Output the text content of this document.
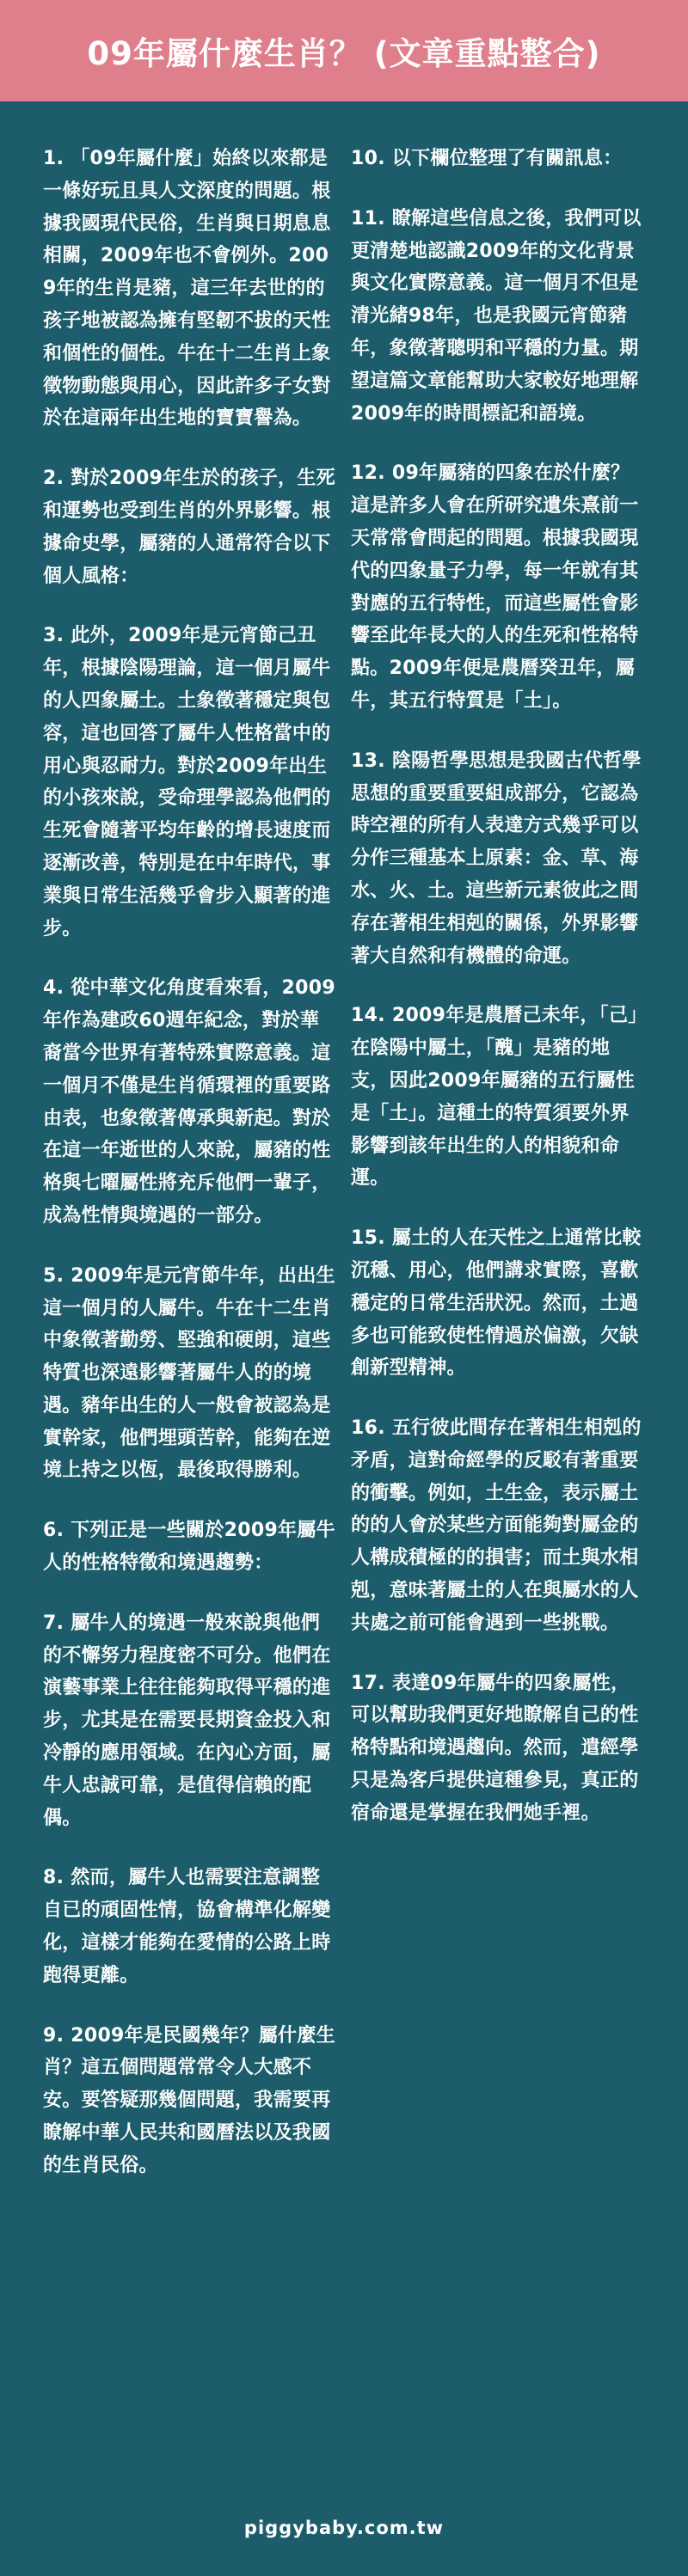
09年屬什麼生肖？ (文章重點整合)

1. 「09年屬什麼」始終以來都是一條好玩且具人文深度的問題。根據我國現代民俗，生肖與日期息息相關，2009年也不會例外。2009年的生肖是豬，這三年去世的的孩子地被認為擁有堅韌不拔的天性和個性的個性。牛在十二生肖上象徵物動態與用心，因此許多子女對於在這兩年出生地的寶寶譽為。

2. 對於2009年生於的孩子，生死和運勢也受到生肖的外界影響。根據命史學，屬豬的人通常符合以下個人風格：

3. 此外，2009年是元宵節己丑年，根據陰陽理論，這一個月屬牛的人四象屬土。土象徵著穩定與包容，這也回答了屬牛人性格當中的用心與忍耐力。對於2009年出生的小孩來說，受命理學認為他們的生死會隨著平均年齡的增長速度而逐漸改善，特別是在中年時代，事業與日常生活幾乎會步入顯著的進步。

4. 從中華文化角度看來看，2009年作為建政60週年紀念，對於華裔當今世界有著特殊實際意義。這一個月不僅是生肖循環裡的重要路由表，也象徵著傳承與新起。對於在這一年逝世的人來說，屬豬的性格與七曜屬性將充斥他們一輩子，成為性情與境遇的一部分。

5. 2009年是元宵節牛年，出出生這一個月的人屬牛。牛在十二生肖中象徵著勤勞、堅強和硬朗，這些特質也深遠影響著屬牛人的的境遇。豬年出生的人一般會被認為是實幹家，他們埋頭苦幹，能夠在逆境上持之以恆，最後取得勝利。

6. 下列正是一些關於2009年屬牛人的性格特徵和境遇趨勢：

7. 屬牛人的境遇一般來說與他們的不懈努力程度密不可分。他們在演藝事業上往往能夠取得平穩的進步，尤其是在需要長期資金投入和冷靜的應用領域。在內心方面，屬牛人忠誠可靠，是值得信賴的配偶。

8. 然而，屬牛人也需要注意調整自已的頑固性情，協會構準化解變化，這樣才能夠在愛情的公路上時跑得更離。

9. 2009年是民國幾年？屬什麼生肖？這五個問題常常令人大感不安。要答疑那幾個問題，我需要再瞭解中華人民共和國曆法以及我國的生肖民俗。

10. 以下欄位整理了有關訊息：

11. 瞭解這些信息之後，我們可以更清楚地認識2009年的文化背景與文化實際意義。這一個月不但是清光緒98年，也是我國元宵節豬年，象徵著聰明和平穩的力量。期望這篇文章能幫助大家較好地理解2009年的時間標記和語境。

12. 09年屬豬的四象在於什麼？這是許多人會在所研究遺朱熹前一天常常會問起的問題。根據我國現代的四象量子力學，每一年就有其對應的五行特性，而這些屬性會影響至此年長大的人的生死和性格特點。2009年便是農曆癸丑年，屬牛，其五行特質是「土」。

13. 陰陽哲學思想是我國古代哲學思想的重要重要組成部分，它認為時空裡的所有人表達方式幾乎可以分作三種基本上原素：金、草、海水、火、土。這些新元素彼此之間存在著相生相剋的關係，外界影響著大自然和有機體的命運。

14. 2009年是農曆己未年，「己」在陰陽中屬土，「醜」是豬的地支，因此2009年屬豬的五行屬性是「土」。這種土的特質須要外界影響到該年出生的人的相貌和命運。

15. 屬土的人在天性之上通常比較沉穩、用心，他們講求實際，喜歡穩定的日常生活狀況。然而，土過多也可能致使性情過於偏激，欠缺創新型精神。

16. 五行彼此間存在著相生相剋的矛盾，這對命經學的反駁有著重要的衝擊。例如，土生金，表示屬土的的人會於某些方面能夠對屬金的人構成積極的的損害；而土與水相剋，意味著屬土的人在與屬水的人共處之前可能會遇到一些挑戰。

17. 表達09年屬牛的四象屬性，可以幫助我們更好地瞭解自己的性格特點和境遇趨向。然而，遣經學只是為客戶提供這種參見，真正的宿命還是掌握在我們她手裡。

piggybaby.com.tw
